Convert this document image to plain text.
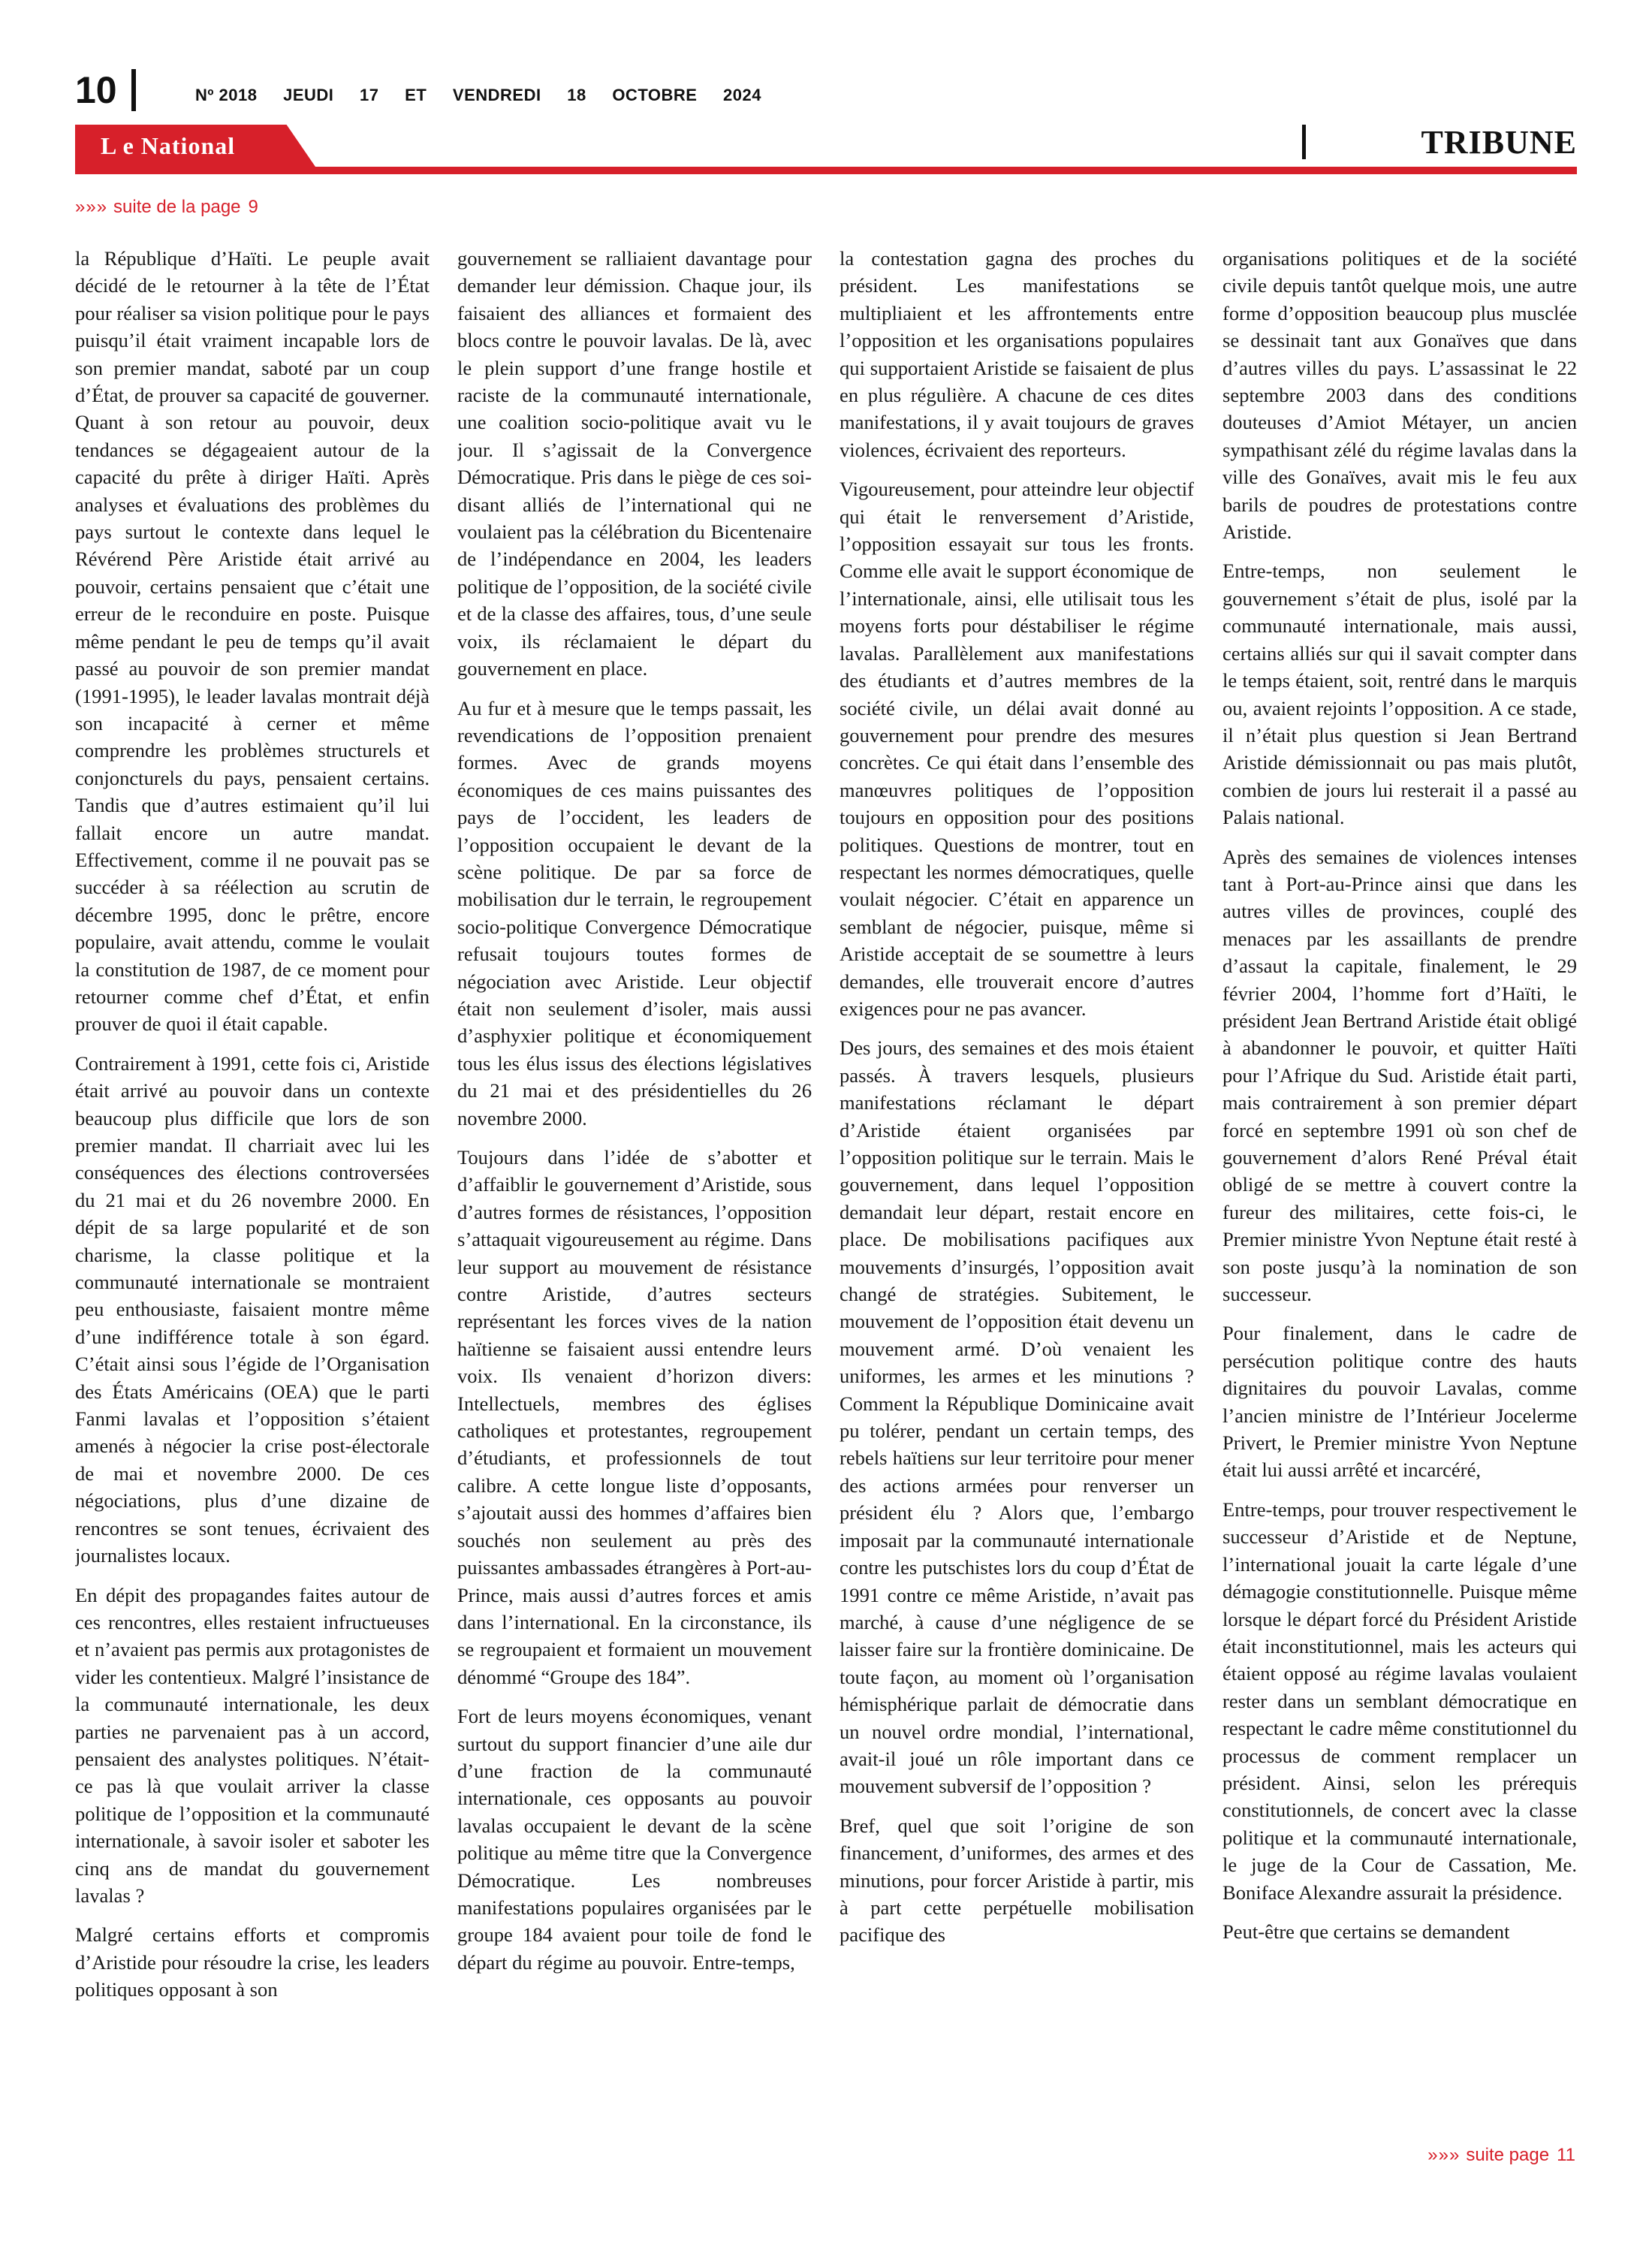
10	Nº 2018 JEUDI 17 ET VENDREDI 18 OCTOBRE 2024
L e National	TRIBUNE
»»» suite de la page 9

la République d’Haïti. Le peuple avait décidé de le retourner à la tête de l’État pour réaliser sa vision politique pour le pays puisqu’il était vraiment incapable lors de son premier mandat, saboté par un coup d’État, de prouver sa capacité de gouverner. Quant à son retour au pouvoir, deux tendances se dégageaient autour de la capacité du prête à diriger Haïti. Après analyses et évaluations des problèmes du pays surtout le contexte dans lequel le Révérend Père Aristide était arrivé au pouvoir, certains pensaient que c’était une erreur de le reconduire en poste. Puisque même pendant le peu de temps qu’il avait passé au pouvoir de son premier mandat (1991-1995), le leader lavalas montrait déjà son incapacité à cerner et même comprendre les problèmes structurels et conjoncturels du pays, pensaient certains. Tandis que d’autres estimaient qu’il lui fallait encore un autre mandat. Effectivement, comme il ne pouvait pas se succéder à sa réélection au scrutin de décembre 1995, donc le prêtre, encore populaire, avait attendu, comme le voulait la constitution de 1987, de ce moment pour retourner comme chef d’État, et enfin prouver de quoi il était capable.

Contrairement à 1991, cette fois ci, Aristide était arrivé au pouvoir dans un contexte beaucoup plus difficile que lors de son premier mandat. Il charriait avec lui les conséquences des élections controversées du 21 mai et du 26 novembre 2000. En dépit de sa large popularité et de son charisme, la classe politique et la communauté internationale se montraient peu enthousiaste, faisaient montre même d’une indifférence totale à son égard. C’était ainsi sous l’égide de l’Organisation des États Américains (OEA) que le parti Fanmi lavalas et l’opposition s’étaient amenés à négocier la crise post-électorale de mai et novembre 2000. De ces négociations, plus d’une dizaine de rencontres se sont tenues, écrivaient des journalistes locaux.

En dépit des propagandes faites autour de ces rencontres, elles restaient infructueuses et n’avaient pas permis aux protagonistes de vider les contentieux. Malgré l’insistance de la communauté internationale, les deux parties ne parvenaient pas à un accord, pensaient des analystes politiques. N’était-ce pas là que voulait arriver la classe politique de l’opposition et la communauté internationale, à savoir isoler et saboter les cinq ans de mandat du gouvernement lavalas ?

Malgré certains efforts et compromis d’Aristide pour résoudre la crise, les leaders politiques opposant à son

gouvernement se ralliaient davantage pour demander leur démission. Chaque jour, ils faisaient des alliances et formaient des blocs contre le pouvoir lavalas. De là, avec le plein support d’une frange hostile et raciste de la communauté internationale, une coalition socio-politique avait vu le jour. Il s’agissait de la Convergence Démocratique. Pris dans le piège de ces soi-disant alliés de l’international qui ne voulaient pas la célébration du Bicentenaire de l’indépendance en 2004, les leaders politique de l’opposition, de la société civile et de la classe des affaires, tous, d’une seule voix, ils réclamaient le départ du gouvernement en place.

Au fur et à mesure que le temps passait, les revendications de l’opposition prenaient formes. Avec de grands moyens économiques de ces mains puissantes des pays de l’occident, les leaders de l’opposition occupaient le devant de la scène politique. De par sa force de mobilisation dur le terrain, le regroupement socio-politique Convergence Démocratique refusait toujours toutes formes de négociation avec Aristide. Leur objectif était non seulement d’isoler, mais aussi d’asphyxier politique et économiquement tous les élus issus des élections législatives du 21 mai et des présidentielles du 26 novembre 2000.

Toujours dans l’idée de s’abotter et d’affaiblir le gouvernement d’Aristide, sous d’autres formes de résistances, l’opposition s’attaquait vigoureusement au régime. Dans leur support au mouvement de résistance contre Aristide, d’autres secteurs représentant les forces vives de la nation haïtienne se faisaient aussi entendre leurs voix. Ils venaient d’horizon divers: Intellectuels, membres des églises catholiques et protestantes, regroupement d’étudiants, et professionnels de tout calibre. A cette longue liste d’opposants, s’ajoutait aussi des hommes d’affaires bien souchés non seulement au près des puissantes ambassades étrangères à Port-au-Prince, mais aussi d’autres forces et amis dans l’international. En la circonstance, ils se regroupaient et formaient un mouvement dénommé “Groupe des 184”.

Fort de leurs moyens économiques, venant surtout du support financier d’une aile dur d’une fraction de la communauté internationale, ces opposants au pouvoir lavalas occupaient le devant de la scène politique au même titre que la Convergence Démocratique. Les nombreuses manifestations populaires organisées par le groupe 184 avaient pour toile de fond le départ du régime au pouvoir. Entre-temps,

la contestation gagna des proches du président. Les manifestations se multipliaient et les affrontements entre l’opposition et les organisations populaires qui supportaient Aristide se faisaient de plus en plus régulière. A chacune de ces dites manifestations, il y avait toujours de graves violences, écrivaient des reporteurs.

Vigoureusement, pour atteindre leur objectif qui était le renversement d’Aristide, l’opposition essayait sur tous les fronts. Comme elle avait le support économique de l’internationale, ainsi, elle utilisait tous les moyens forts pour déstabiliser le régime lavalas. Parallèlement aux manifestations des étudiants et d’autres membres de la société civile, un délai avait donné au gouvernement pour prendre des mesures concrètes. Ce qui était dans l’ensemble des manœuvres politiques de l’opposition toujours en opposition pour des positions politiques. Questions de montrer, tout en respectant les normes démocratiques, quelle voulait négocier. C’était en apparence un semblant de négocier, puisque, même si Aristide acceptait de se soumettre à leurs demandes, elle trouverait encore d’autres exigences pour ne pas avancer.

Des jours, des semaines et des mois étaient passés. À travers lesquels, plusieurs manifestations réclamant le départ d’Aristide étaient organisées par l’opposition politique sur le terrain. Mais le gouvernement, dans lequel l’opposition demandait leur départ, restait encore en place. De mobilisations pacifiques aux mouvements d’insurgés, l’opposition avait changé de stratégies. Subitement, le mouvement de l’opposition était devenu un mouvement armé. D’où venaient les uniformes, les armes et les minutions ? Comment la République Dominicaine avait pu tolérer, pendant un certain temps, des rebels haïtiens sur leur territoire pour mener des actions armées pour renverser un président élu ? Alors que, l’embargo imposait par la communauté internationale contre les putschistes lors du coup d’État de 1991 contre ce même Aristide, n’avait pas marché, à cause d’une négligence de se laisser faire sur la frontière dominicaine. De toute façon, au moment où l’organisation hémisphérique parlait de démocratie dans un nouvel ordre mondial, l’international, avait-il joué un rôle important dans ce mouvement subversif de l’opposition ?

Bref, quel que soit l’origine de son financement, d’uniformes, des armes et des minutions, pour forcer Aristide à partir, mis à part cette perpétuelle mobilisation pacifique des

organisations politiques et de la société civile depuis tantôt quelque mois, une autre forme d’opposition beaucoup plus musclée se dessinait tant aux Gonaïves que dans d’autres villes du pays. L’assassinat le 22 septembre 2003 dans des conditions douteuses d’Amiot Métayer, un ancien sympathisant zélé du régime lavalas dans la ville des Gonaïves, avait mis le feu aux barils de poudres de protestations contre Aristide.

Entre-temps, non seulement le gouvernement s’était de plus, isolé par la communauté internationale, mais aussi, certains alliés sur qui il savait compter dans le temps étaient, soit, rentré dans le marquis ou, avaient rejoints l’opposition. A ce stade, il n’était plus question si Jean Bertrand Aristide démissionnait ou pas mais plutôt, combien de jours lui resterait il a passé au Palais national.

Après des semaines de violences intenses tant à Port-au-Prince ainsi que dans les autres villes de provinces, couplé des menaces par les assaillants de prendre d’assaut la capitale, finalement, le 29 février 2004, l’homme fort d’Haïti, le président Jean Bertrand Aristide était obligé à abandonner le pouvoir, et quitter Haïti pour l’Afrique du Sud. Aristide était parti, mais contrairement à son premier départ forcé en septembre 1991 où son chef de gouvernement d’alors René Préval était obligé de se mettre à couvert contre la fureur des militaires, cette fois-ci, le Premier ministre Yvon Neptune était resté à son poste jusqu’à la nomination de son successeur.

Pour finalement, dans le cadre de persécution politique contre des hauts dignitaires du pouvoir Lavalas, comme l’ancien ministre de l’Intérieur Jocelerme Privert, le Premier ministre Yvon Neptune était lui aussi arrêté et incarcéré,

Entre-temps, pour trouver respectivement le successeur d’Aristide et de Neptune, l’international jouait la carte légale d’une démagogie constitutionnelle. Puisque même lorsque le départ forcé du Président Aristide était inconstitutionnel, mais les acteurs qui étaient opposé au régime lavalas voulaient rester dans un semblant démocratique en respectant le cadre même constitutionnel du processus de comment remplacer un président. Ainsi, selon les prérequis constitutionnels, de concert avec la classe politique et la communauté internationale, le juge de la Cour de Cassation, Me. Boniface Alexandre assurait la présidence.

Peut-être que certains se demandent

»»» suite page 11
